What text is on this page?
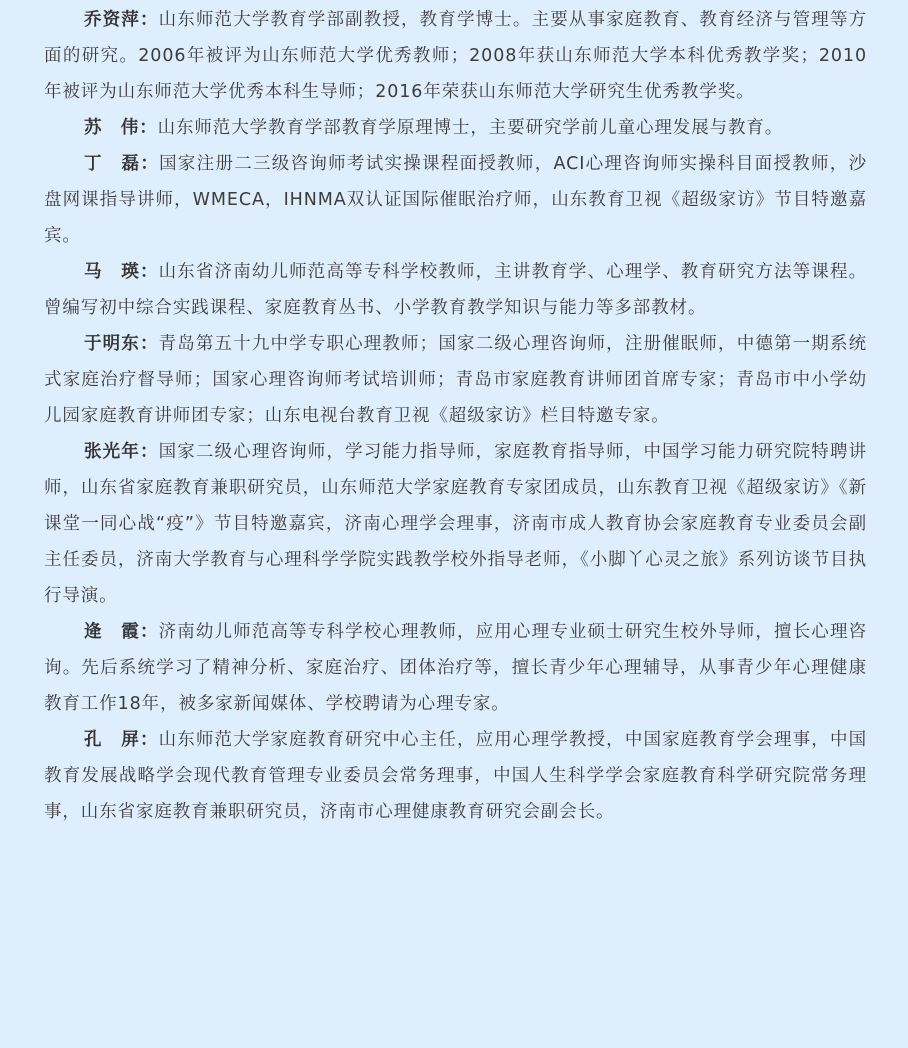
乔资萍：山东师范大学教育学部副教授，教育学博士。主要从事家庭教育、教育经济与管理等方面的研究。2006年被评为山东师范大学优秀教师；2008年获山东师范大学本科优秀教学奖；2010年被评为山东师范大学优秀本科生导师；2016年荣获山东师范大学研究生优秀教学奖。

苏　伟：山东师范大学教育学部教育学原理博士，主要研究学前儿童心理发展与教育。

丁　磊：国家注册二三级咨询师考试实操课程面授教师，ACI心理咨询师实操科目面授教师，沙盘网课指导讲师，WMECA，IHNMA双认证国际催眠治疗师，山东教育卫视《超级家访》节目特邀嘉宾。

马　瑛：山东省济南幼儿师范高等专科学校教师，主讲教育学、心理学、教育研究方法等课程。曾编写初中综合实践课程、家庭教育丛书、小学教育教学知识与能力等多部教材。

于明东：青岛第五十九中学专职心理教师；国家二级心理咨询师，注册催眠师，中德第一期系统式家庭治疗督导师；国家心理咨询师考试培训师；青岛市家庭教育讲师团首席专家；青岛市中小学幼儿园家庭教育讲师团专家；山东电视台教育卫视《超级家访》栏目特邀专家。

张光年：国家二级心理咨询师，学习能力指导师，家庭教育指导师，中国学习能力研究院特聘讲师，山东省家庭教育兼职研究员，山东师范大学家庭教育专家团成员，山东教育卫视《超级家访》《新课堂一同心战“疫”》节目特邀嘉宾，济南心理学会理事，济南市成人教育协会家庭教育专业委员会副主任委员，济南大学教育与心理科学学院实践教学校外指导老师，《小脚丫心灵之旅》系列访谈节目执行导演。

逄　霞：济南幼儿师范高等专科学校心理教师，应用心理专业硕士研究生校外导师，擅长心理咨询。先后系统学习了精神分析、家庭治疗、团体治疗等，擅长青少年心理辅导，从事青少年心理健康教育工作18年，被多家新闻媒体、学校聘请为心理专家。

孔　屏：山东师范大学家庭教育研究中心主任，应用心理学教授，中国家庭教育学会理事，中国教育发展战略学会现代教育管理专业委员会常务理事，中国人生科学学会家庭教育科学研究院常务理事，山东省家庭教育兼职研究员，济南市心理健康教育研究会副会长。
